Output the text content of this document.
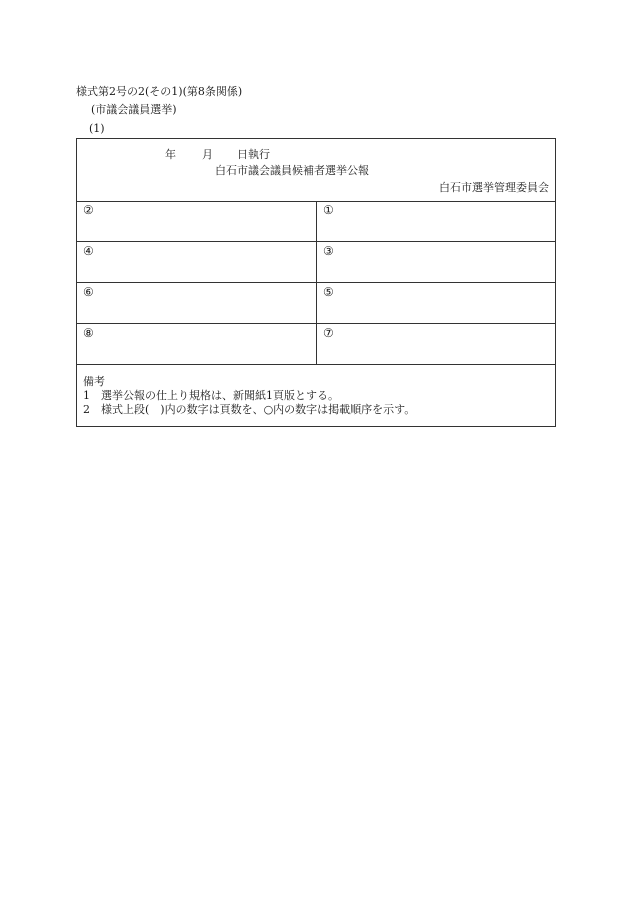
様式第2号の2(その1)(第8条関係)
(市議会議員選挙)
(1)
年 月 日執行
白石市議会議員候補者選挙公報
白石市選挙管理委員会
②	①
④	③
⑥	⑤
⑧	⑦
備考
1 選挙公報の仕上り規格は、新聞紙1頁版とする。
2 様式上段(　)内の数字は頁数を、○内の数字は掲載順序を示す。
